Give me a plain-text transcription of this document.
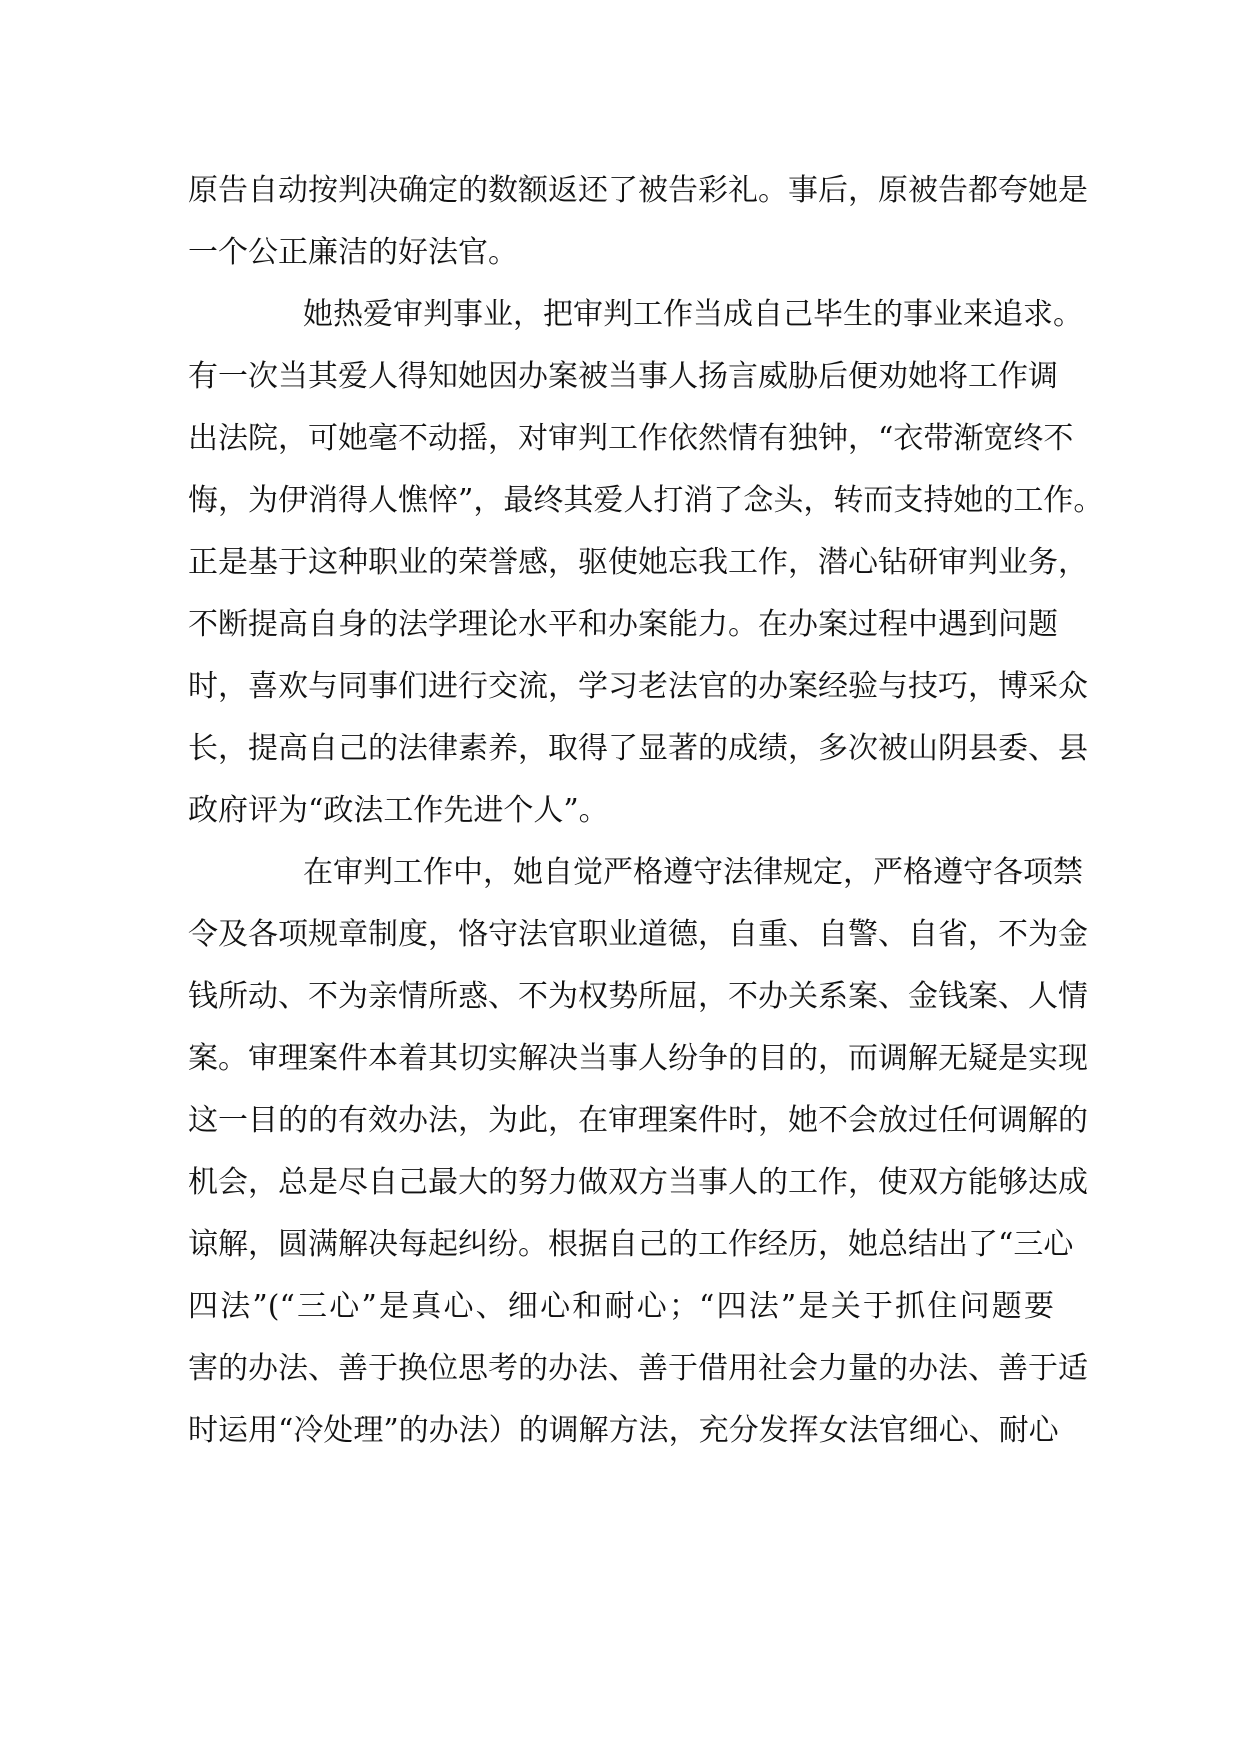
原告自动按判决确定的数额返还了被告彩礼。事后，原被告都夸她是
一个公正廉洁的好法官。
她热爱审判事业，把审判工作当成自己毕生的事业来追求。
有一次当其爱人得知她因办案被当事人扬言威胁后便劝她将工作调
出法院，可她毫不动摇，对审判工作依然情有独钟，“衣带渐宽终不
悔，为伊消得人憔悴”，最终其爱人打消了念头，转而支持她的工作。
正是基于这种职业的荣誉感，驱使她忘我工作，潜心钻研审判业务，
不断提高自身的法学理论水平和办案能力。在办案过程中遇到问题
时，喜欢与同事们进行交流，学习老法官的办案经验与技巧，博采众
长，提高自己的法律素养，取得了显著的成绩，多次被山阴县委、县
政府评为“政法工作先进个人”。
在审判工作中，她自觉严格遵守法律规定，严格遵守各项禁
令及各项规章制度，恪守法官职业道德，自重、自警、自省，不为金
钱所动、不为亲情所惑、不为权势所屈，不办关系案、金钱案、人情
案。审理案件本着其切实解决当事人纷争的目的，而调解无疑是实现
这一目的的有效办法，为此，在审理案件时，她不会放过任何调解的
机会，总是尽自己最大的努力做双方当事人的工作，使双方能够达成
谅解，圆满解决每起纠纷。根据自己的工作经历，她总结出了“三心
四法”(“三心”是真心、细心和耐心；“四法”是关于抓住问题要
害的办法、善于换位思考的办法、善于借用社会力量的办法、善于适
时运用“冷处理”的办法）的调解方法，充分发挥女法官细心、耐心
